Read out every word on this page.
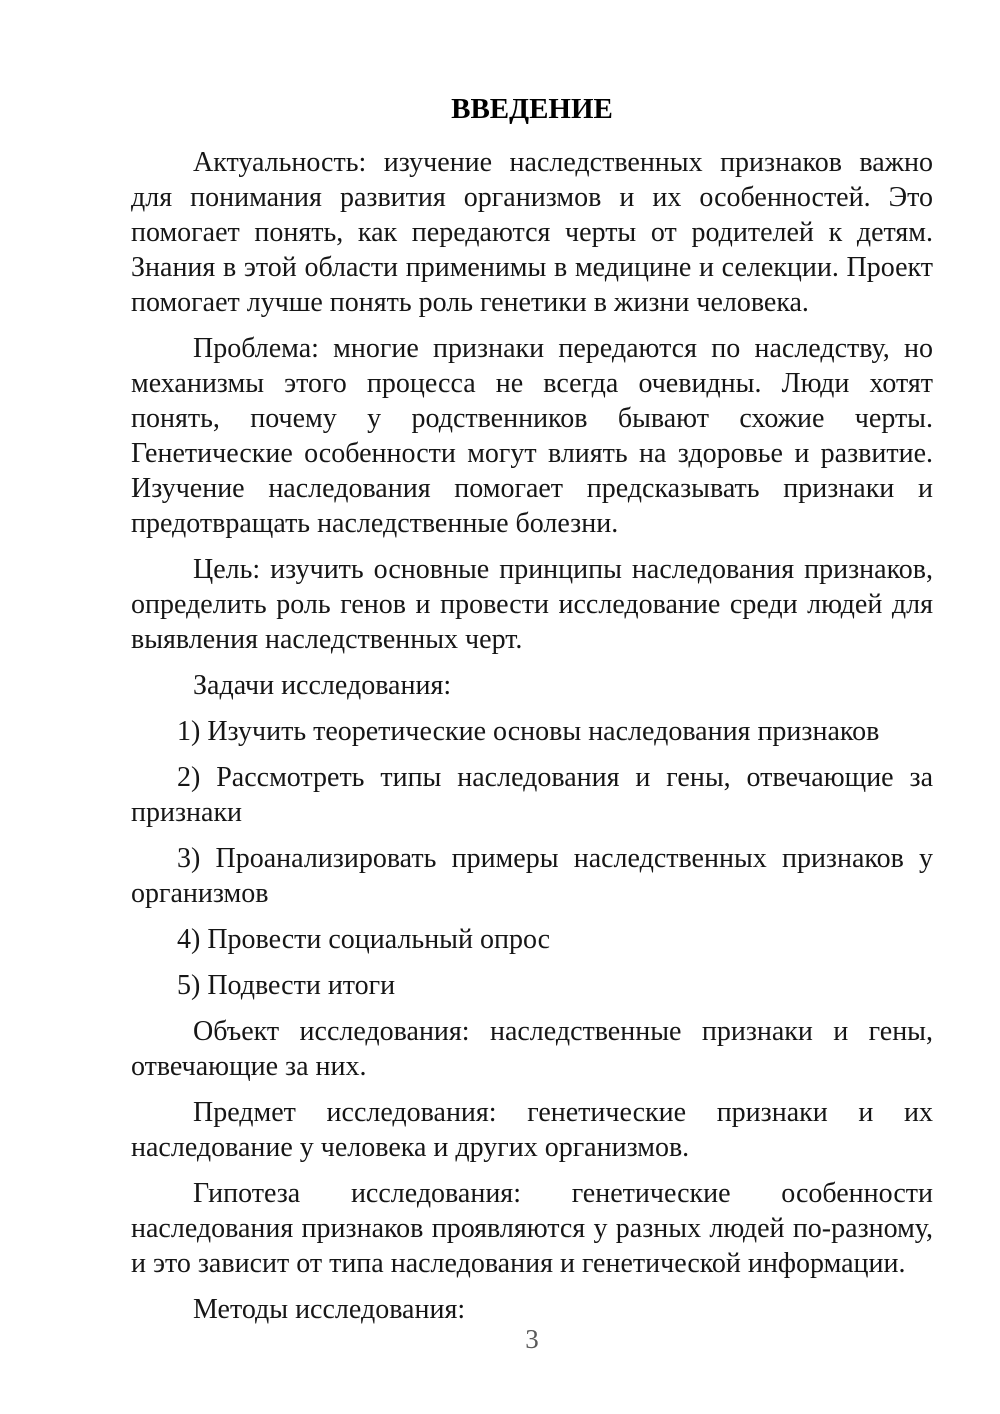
ВВЕДЕНИЕ

Актуальность: изучение наследственных признаков важно для понимания развития организмов и их особенностей. Это помогает понять, как передаются черты от родителей к детям. Знания в этой области применимы в медицине и селекции. Проект помогает лучше понять роль генетики в жизни человека.

Проблема: многие признаки передаются по наследству, но механизмы этого процесса не всегда очевидны. Люди хотят понять, почему у родственников бывают схожие черты. Генетические особенности могут влиять на здоровье и развитие. Изучение наследования помогает предсказывать признаки и предотвращать наследственные болезни.

Цель: изучить основные принципы наследования признаков, определить роль генов и провести исследование среди людей для выявления наследственных черт.

Задачи исследования:

1) Изучить теоретические основы наследования признаков

2) Рассмотреть типы наследования и гены, отвечающие за признаки

3) Проанализировать примеры наследственных признаков у организмов

4) Провести социальный опрос

5) Подвести итоги

Объект исследования: наследственные признаки и гены, отвечающие за них.

Предмет исследования: генетические признаки и их наследование у человека и других организмов.

Гипотеза исследования: генетические особенности наследования признаков проявляются у разных людей по-разному, и это зависит от типа наследования и генетической информации.

Методы исследования:

3
